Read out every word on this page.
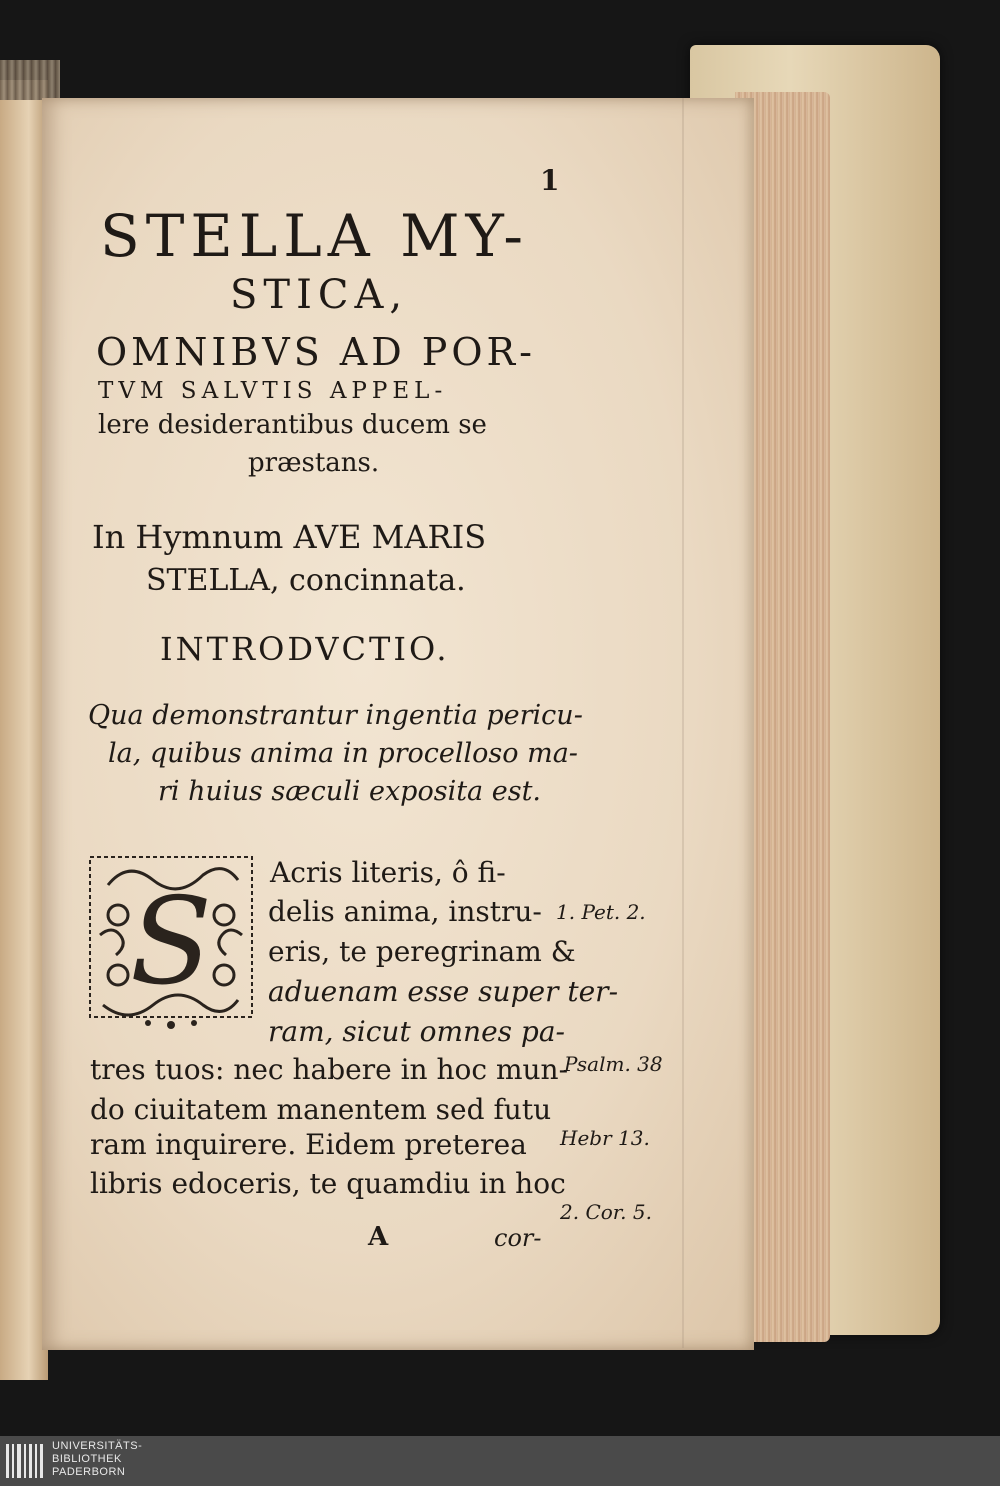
1
STELLA MY-
STICA,
OMNIBVS AD POR-
TVM SALVTIS APPEL-
lere desiderantibus ducem se
præstans.
In Hymnum AVE MARIS
STELLA, concinnata.
INTRODVCTIO.
Qua demonstrantur ingentia pericu-
la, quibus anima in procelloso ma-
ri huius sæculi exposita est.
S
Acris literis, ô fi-
delis anima, instru-
eris, te peregrinam &
aduenam esse super ter-
ram, sicut omnes pa-
tres tuos: nec habere in hoc mun-
do ciuitatem manentem sed futu
ram inquirere. Eidem preterea
libris edoceris, te quamdiu in hoc
1. Pet. 2.
Psalm. 38
Hebr 13.
2. Cor. 5.
A	cor-
UNIVERSITÄTS-
BIBLIOTHEK
PADERBORN
